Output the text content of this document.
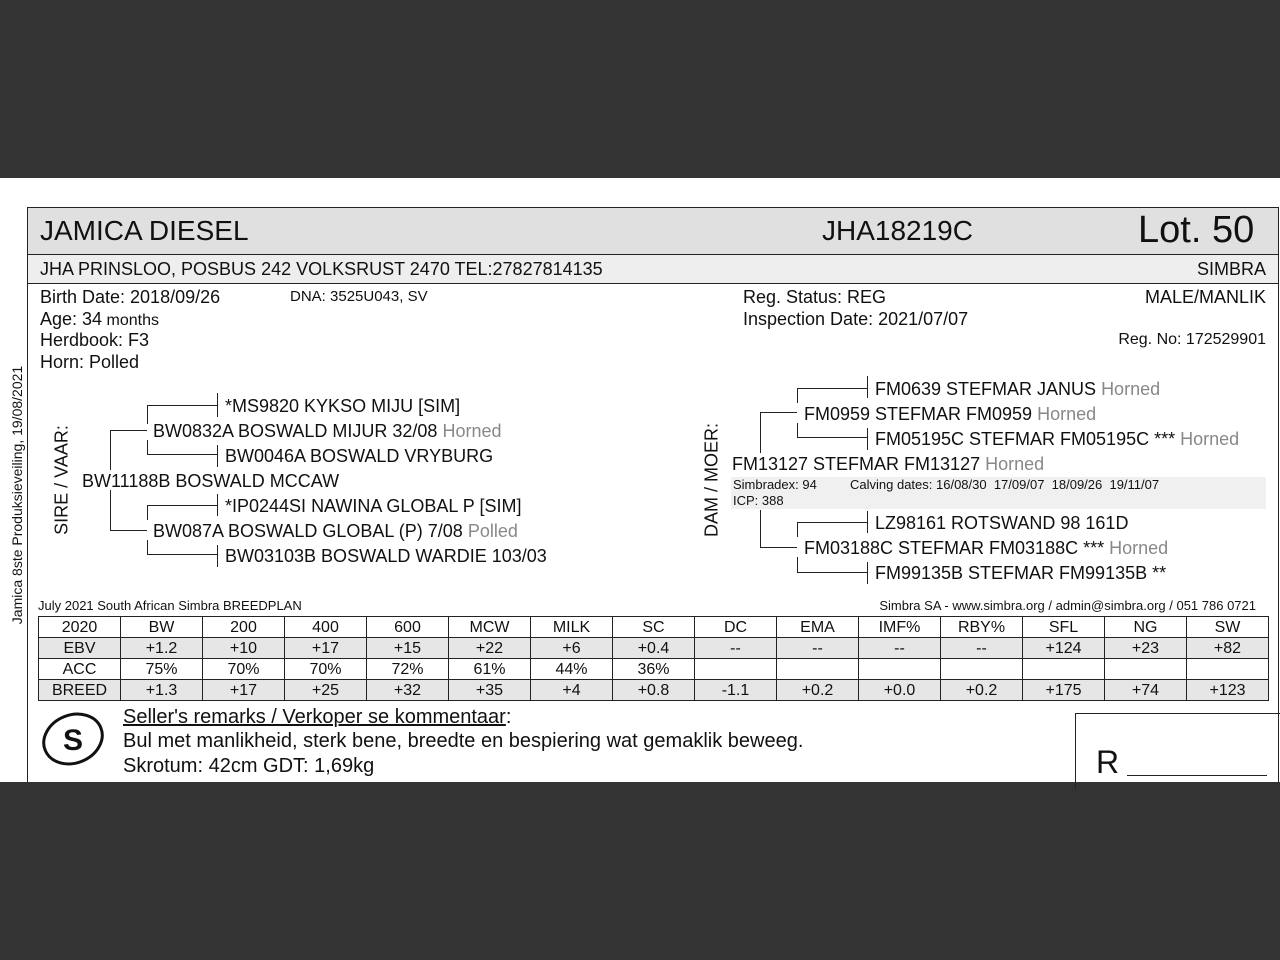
Jamica 8ste Produksieveiling, 19/08/2021
JAMICA DIESEL	JHA18219C	Lot. 50
JHA PRINSLOO, POSBUS 242 VOLKSRUST 2470 TEL:27827814135	SIMBRA
Birth Date: 2018/09/26	DNA: 3525U043, SV
Age: 34 months
Herdbook: F3
Horn: Polled
Reg. Status: REG
Inspection Date: 2021/07/07
MALE/MANLIK
Reg. No: 172529901
SIRE / VAAR:
*MS9820 KYKSO MIJU [SIM]
BW0832A BOSWALD MIJUR 32/08 Horned
BW0046A BOSWALD VRYBURG
BW11188B BOSWALD MCCAW
*IP0244SI NAWINA GLOBAL P [SIM]
BW087A BOSWALD GLOBAL (P) 7/08 Polled
BW03103B BOSWALD WARDIE 103/03
DAM / MOER:
FM0639 STEFMAR JANUS Horned
FM0959 STEFMAR FM0959 Horned
FM05195C STEFMAR FM05195C *** Horned
FM13127 STEFMAR FM13127 Horned
Simbradex: 94	Calving dates: 16/08/30  17/09/07  18/09/26  19/11/07
ICP: 388
LZ98161 ROTSWAND 98 161D
FM03188C STEFMAR FM03188C *** Horned
FM99135B STEFMAR FM99135B **
July 2021 South African Simbra BREEDPLAN	Simbra SA - www.simbra.org / admin@simbra.org / 051 786 0721
2020	BW	200	400	600	MCW	MILK	SC	DC	EMA	IMF%	RBY%	SFL	NG	SW
EBV	+1.2	+10	+17	+15	+22	+6	+0.4	--	--	--	--	+124	+23	+82
ACC	75%	70%	70%	72%	61%	44%	36%							
BREED	+1.3	+17	+25	+32	+35	+4	+0.8	-1.1	+0.2	+0.0	+0.2	+175	+74	+123
S
Seller's remarks / Verkoper se kommentaar:
Bul met manlikheid, sterk bene, breedte en bespiering wat gemaklik beweeg.
Skrotum: 42cm GDT: 1,69kg	R
